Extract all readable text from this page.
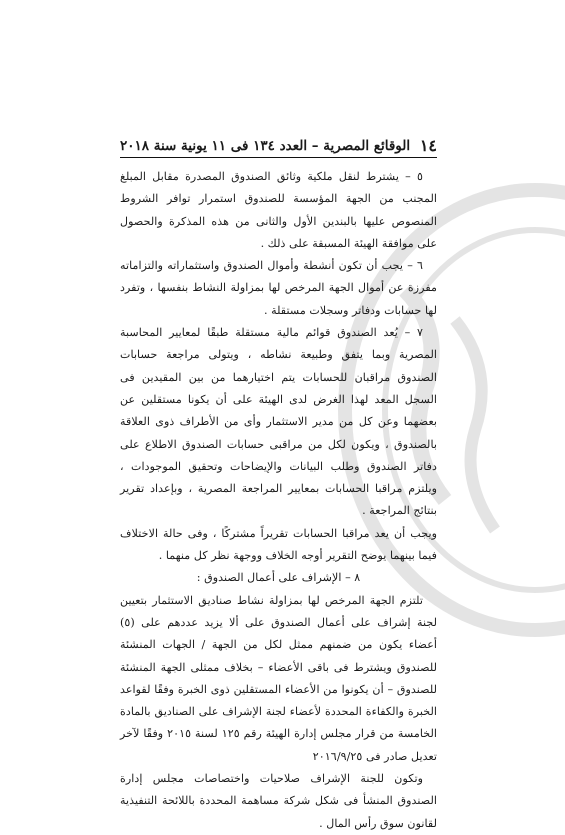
١٤
الوقائع المصرية – العدد ١٣٤ فى ١١ يونية سنة ٢٠١٨

٥ – يشترط لنقل ملكية وثائق الصندوق المصدرة مقابل المبلغ المجنب من الجهة المؤسسة للصندوق استمرار توافر الشروط المنصوص عليها بالبندين الأول والثانى من هذه المذكرة والحصول على موافقة الهيئة المسبقة على ذلك .

٦ – يجب أن تكون أنشطة وأموال الصندوق واستثماراته والتزاماته مفرزة عن أموال الجهة المرخص لها بمزاولة النشاط بنفسها ، وتفرد لها حسابات ودفاتر وسجلات مستقلة .

٧ – يُعد الصندوق قوائم مالية مستقلة طبقًا لمعايير المحاسبة المصرية وبما يتفق وطبيعة نشاطه ، ويتولى مراجعة حسابات الصندوق مراقبان للحسابات يتم اختيارهما من بين المقيدين فى السجل المعد لهذا الغرض لدى الهيئة على أن يكونا مستقلين عن بعضهما وعن كل من مدير الاستثمار وأى من الأطراف ذوى العلاقة بالصندوق ، ويكون لكل من مراقبى حسابات الصندوق الاطلاع على دفاتر الصندوق وطلب البيانات والإيضاحات وتحقيق الموجودات ، ويلتزم مراقبا الحسابات بمعايير المراجعة المصرية ، وبإعداد تقرير بنتائج المراجعة .

ويجب أن يعد مراقبا الحسابات تقريراً مشتركًا ، وفى حالة الاختلاف فيما بينهما يوضح التقرير أوجه الخلاف ووجهة نظر كل منهما .

٨ – الإشراف على أعمال الصندوق :

تلتزم الجهة المرخص لها بمزاولة نشاط صناديق الاستثمار بتعيين لجنة إشراف على أعمال الصندوق على ألا يزيد عددهم على (٥) أعضاء يكون من ضمنهم ممثل لكل من الجهة / الجهات المنشئة للصندوق ويشترط فى باقى الأعضاء – بخلاف ممثلى الجهة المنشئة للصندوق – أن يكونوا من الأعضاء المستقلين ذوى الخبرة وفقًا لقواعد الخبرة والكفاءة المحددة لأعضاء لجنة الإشراف على الصناديق بالمادة الخامسة من قرار مجلس إدارة الهيئة رقم ١٢٥ لسنة ٢٠١٥ وفقًا لآخر تعديل صادر فى ٢٠١٦/٩/٢٥

وتكون للجنة الإشراف صلاحيات واختصاصات مجلس إدارة الصندوق المنشأ فى شكل شركة مساهمة المحددة باللائحة التنفيذية لقانون سوق رأس المال .
